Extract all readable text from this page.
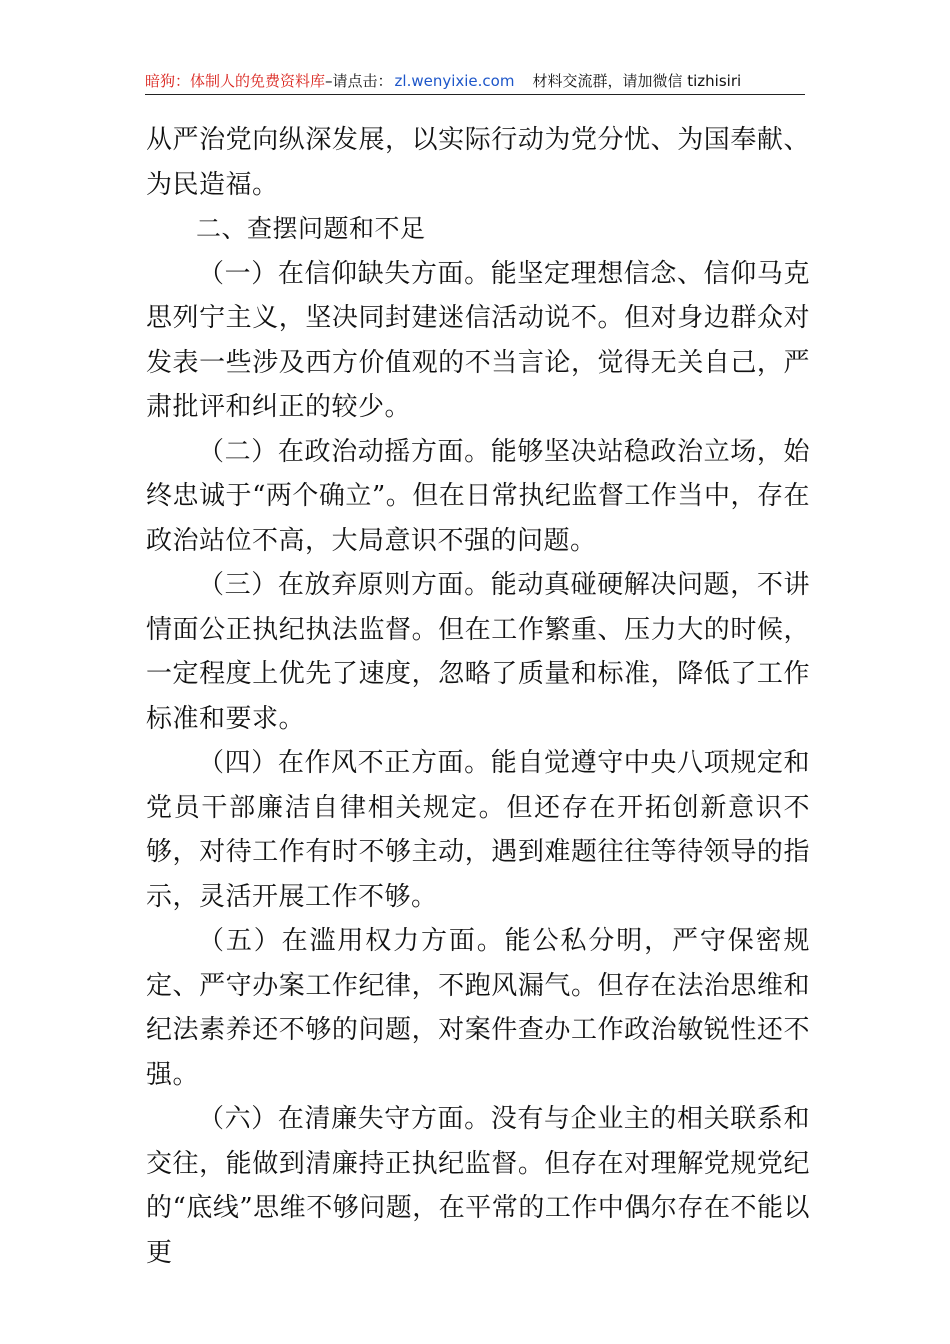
暗狗：体制人的免费资料库 –请点击： zl.wenyixie.com 材料交流群，请加微信 tizhisiri

从严治党向纵深发展，以实际行动为党分忧、为国奉献、为民造福。

二、查摆问题和不足

（一）在信仰缺失方面。能坚定理想信念、信仰马克思列宁主义，坚决同封建迷信活动说不。但对身边群众对发表一些涉及西方价值观的不当言论，觉得无关自己，严肃批评和纠正的较少。

（二）在政治动摇方面。能够坚决站稳政治立场，始终忠诚于“两个确立”。但在日常执纪监督工作当中，存在政治站位不高，大局意识不强的问题。

（三）在放弃原则方面。能动真碰硬解决问题，不讲情面公正执纪执法监督。但在工作繁重、压力大的时候，一定程度上优先了速度，忽略了质量和标准，降低了工作标准和要求。

（四）在作风不正方面。能自觉遵守中央八项规定和党员干部廉洁自律相关规定。但还存在开拓创新意识不够，对待工作有时不够主动，遇到难题往往等待领导的指示，灵活开展工作不够。

（五）在滥用权力方面。能公私分明，严守保密规定、严守办案工作纪律，不跑风漏气。但存在法治思维和纪法素养还不够的问题，对案件查办工作政治敏锐性还不强。

（六）在清廉失守方面。没有与企业主的相关联系和交往，能做到清廉持正执纪监督。但存在对理解党规党纪的“底线”思维不够问题，在平常的工作中偶尔存在不能以更
